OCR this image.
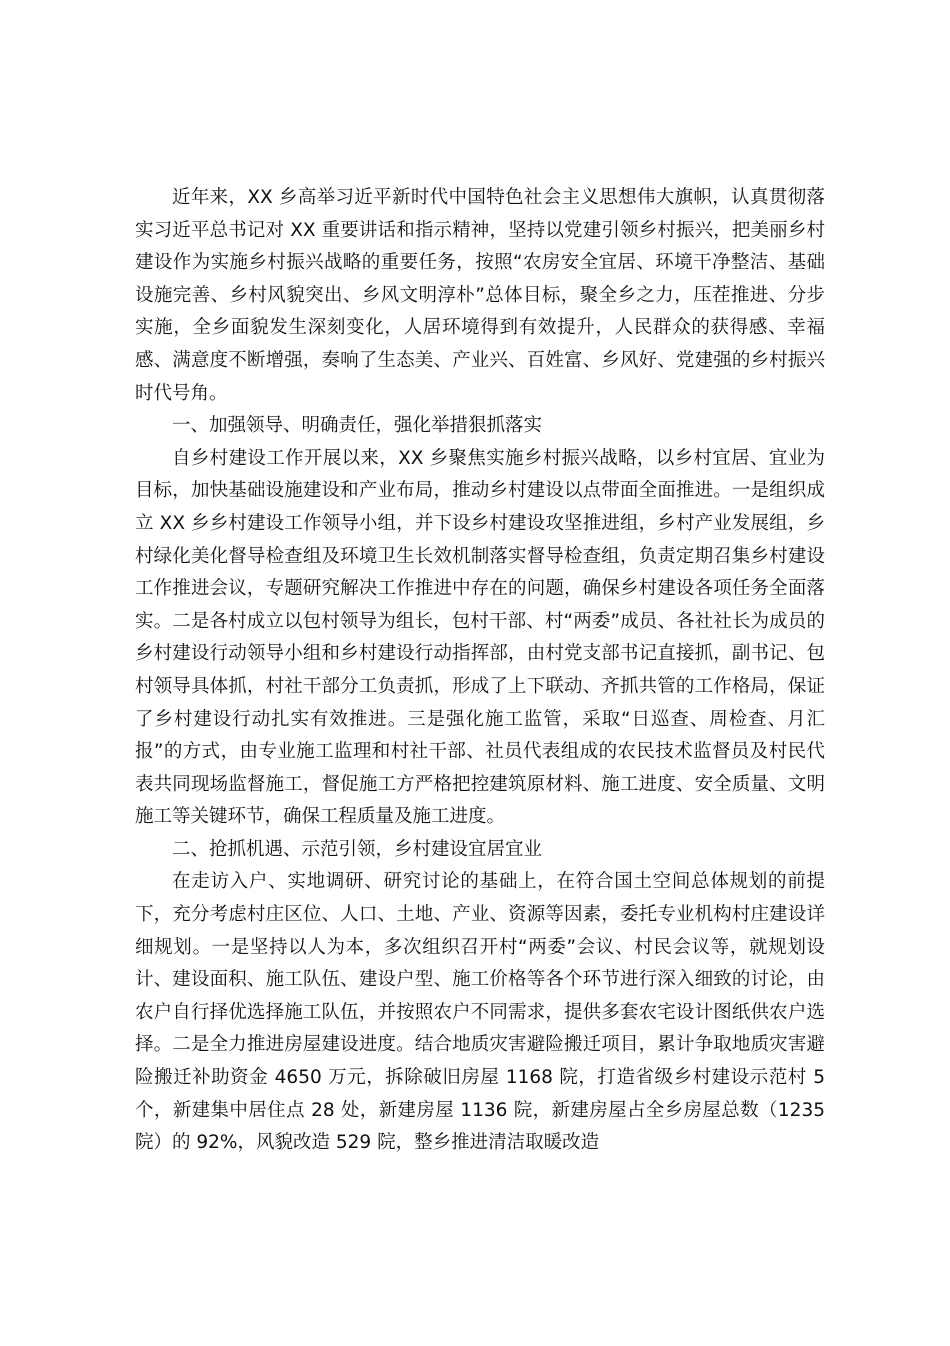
近年来，XX 乡高举习近平新时代中国特色社会主义思想伟大旗帜，认真贯彻落实习近平总书记对 XX 重要讲话和指示精神，坚持以党建引领乡村振兴，把美丽乡村建设作为实施乡村振兴战略的重要任务，按照“农房安全宜居、环境干净整洁、基础设施完善、乡村风貌突出、乡风文明淳朴”总体目标，聚全乡之力，压茬推进、分步实施，全乡面貌发生深刻变化，人居环境得到有效提升，人民群众的获得感、幸福感、满意度不断增强，奏响了生态美、产业兴、百姓富、乡风好、党建强的乡村振兴时代号角。

一、加强领导、明确责任，强化举措狠抓落实

自乡村建设工作开展以来，XX 乡聚焦实施乡村振兴战略，以乡村宜居、宜业为目标，加快基础设施建设和产业布局，推动乡村建设以点带面全面推进。一是组织成立 XX 乡乡村建设工作领导小组，并下设乡村建设攻坚推进组，乡村产业发展组，乡村绿化美化督导检查组及环境卫生长效机制落实督导检查组，负责定期召集乡村建设工作推进会议，专题研究解决工作推进中存在的问题，确保乡村建设各项任务全面落实。二是各村成立以包村领导为组长，包村干部、村“两委”成员、各社社长为成员的乡村建设行动领导小组和乡村建设行动指挥部，由村党支部书记直接抓，副书记、包村领导具体抓，村社干部分工负责抓，形成了上下联动、齐抓共管的工作格局，保证了乡村建设行动扎实有效推进。三是强化施工监管，采取“日巡查、周检查、月汇报”的方式，由专业施工监理和村社干部、社员代表组成的农民技术监督员及村民代表共同现场监督施工，督促施工方严格把控建筑原材料、施工进度、安全质量、文明施工等关键环节，确保工程质量及施工进度。

二、抢抓机遇、示范引领，乡村建设宜居宜业

在走访入户、实地调研、研究讨论的基础上，在符合国土空间总体规划的前提下，充分考虑村庄区位、人口、土地、产业、资源等因素，委托专业机构村庄建设详细规划。一是坚持以人为本，多次组织召开村“两委”会议、村民会议等，就规划设计、建设面积、施工队伍、建设户型、施工价格等各个环节进行深入细致的讨论，由农户自行择优选择施工队伍，并按照农户不同需求，提供多套农宅设计图纸供农户选择。二是全力推进房屋建设进度。结合地质灾害避险搬迁项目，累计争取地质灾害避险搬迁补助资金 4650 万元，拆除破旧房屋 1168 院，打造省级乡村建设示范村 5 个，新建集中居住点 28 处，新建房屋 1136 院，新建房屋占全乡房屋总数（1235 院）的 92%，风貌改造 529 院，整乡推进清洁取暖改造
